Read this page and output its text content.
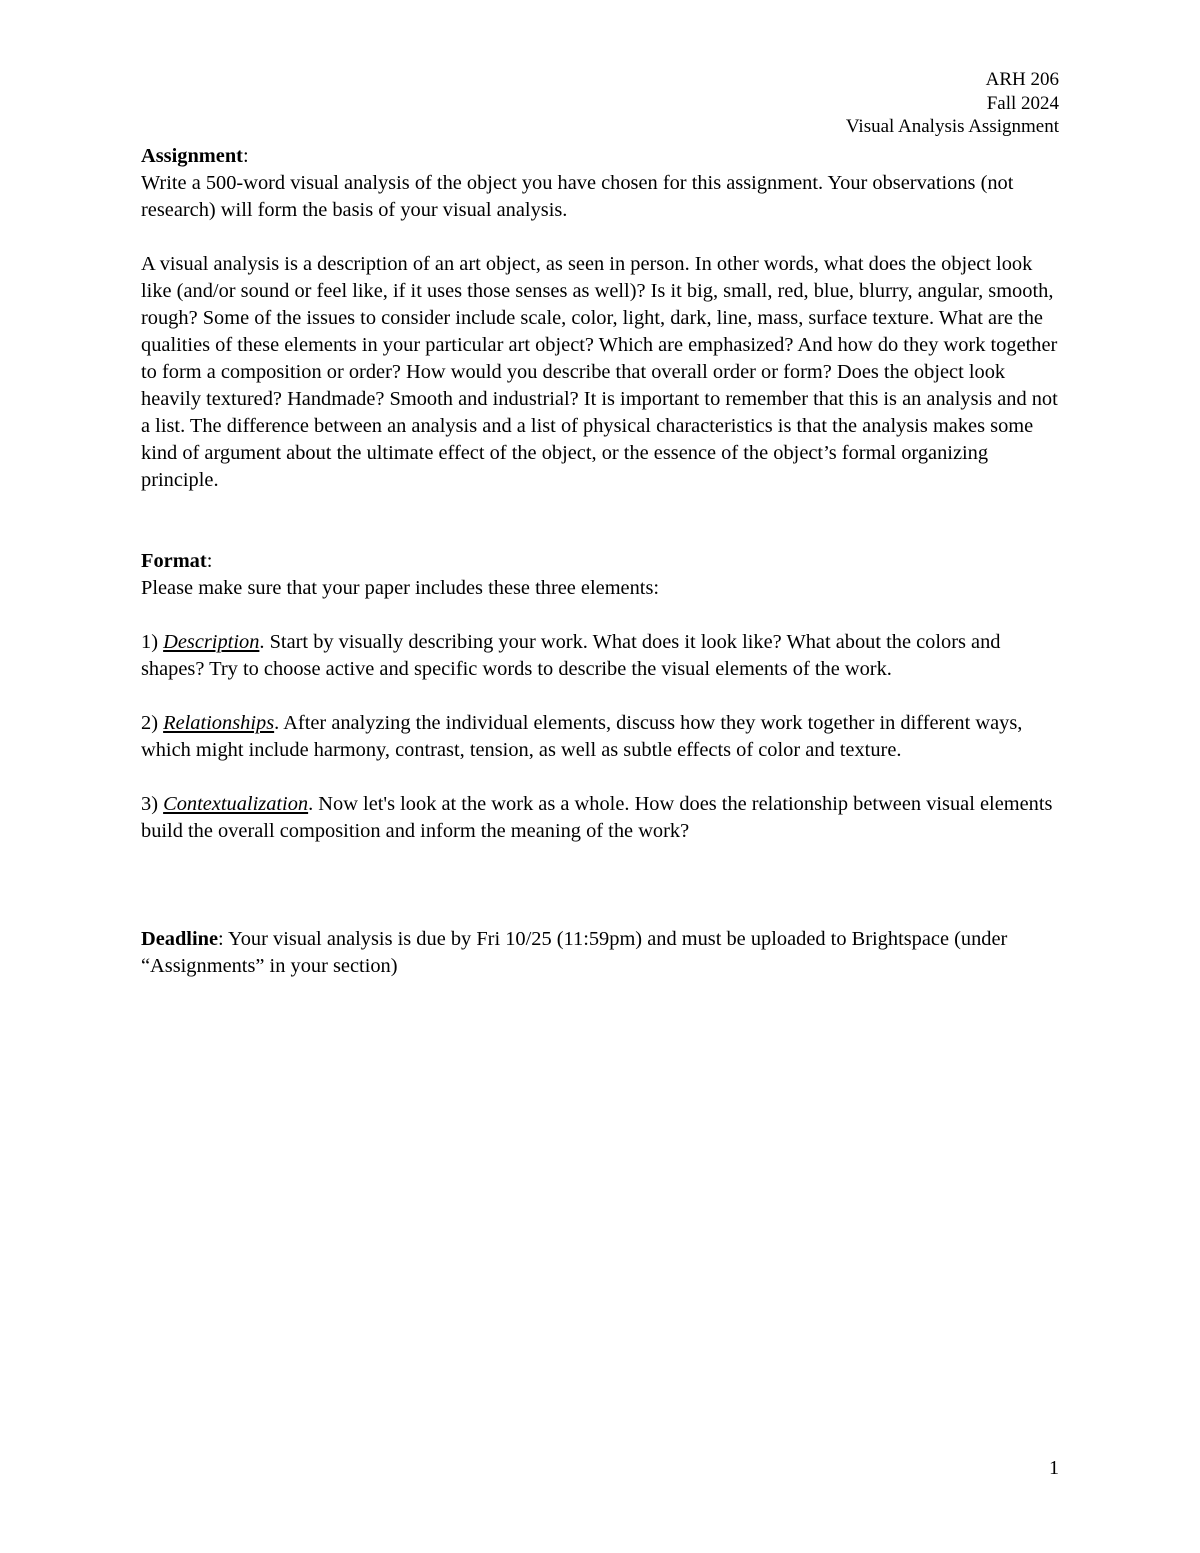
ARH 206
Fall 2024
Visual Analysis Assignment

Assignment:

Write a 500-word visual analysis of the object you have chosen for this assignment. Your observations (not research) will form the basis of your visual analysis.

A visual analysis is a description of an art object, as seen in person. In other words, what does the object look like (and/or sound or feel like, if it uses those senses as well)? Is it big, small, red, blue, blurry, angular, smooth, rough? Some of the issues to consider include scale, color, light, dark, line, mass, surface texture. What are the qualities of these elements in your particular art object? Which are emphasized? And how do they work together to form a composition or order? How would you describe that overall order or form? Does the object look heavily textured? Handmade? Smooth and industrial? It is important to remember that this is an analysis and not a list. The difference between an analysis and a list of physical characteristics is that the analysis makes some kind of argument about the ultimate effect of the object, or the essence of the object’s formal organizing principle.

Format:

Please make sure that your paper includes these three elements:

1) Description. Start by visually describing your work. What does it look like? What about the colors and shapes? Try to choose active and specific words to describe the visual elements of the work.

2) Relationships. After analyzing the individual elements, discuss how they work together in different ways, which might include harmony, contrast, tension, as well as subtle effects of color and texture.

3) Contextualization. Now let's look at the work as a whole. How does the relationship between visual elements build the overall composition and inform the meaning of the work?

Deadline: Your visual analysis is due by Fri 10/25 (11:59pm) and must be uploaded to Brightspace (under “Assignments” in your section)

1
